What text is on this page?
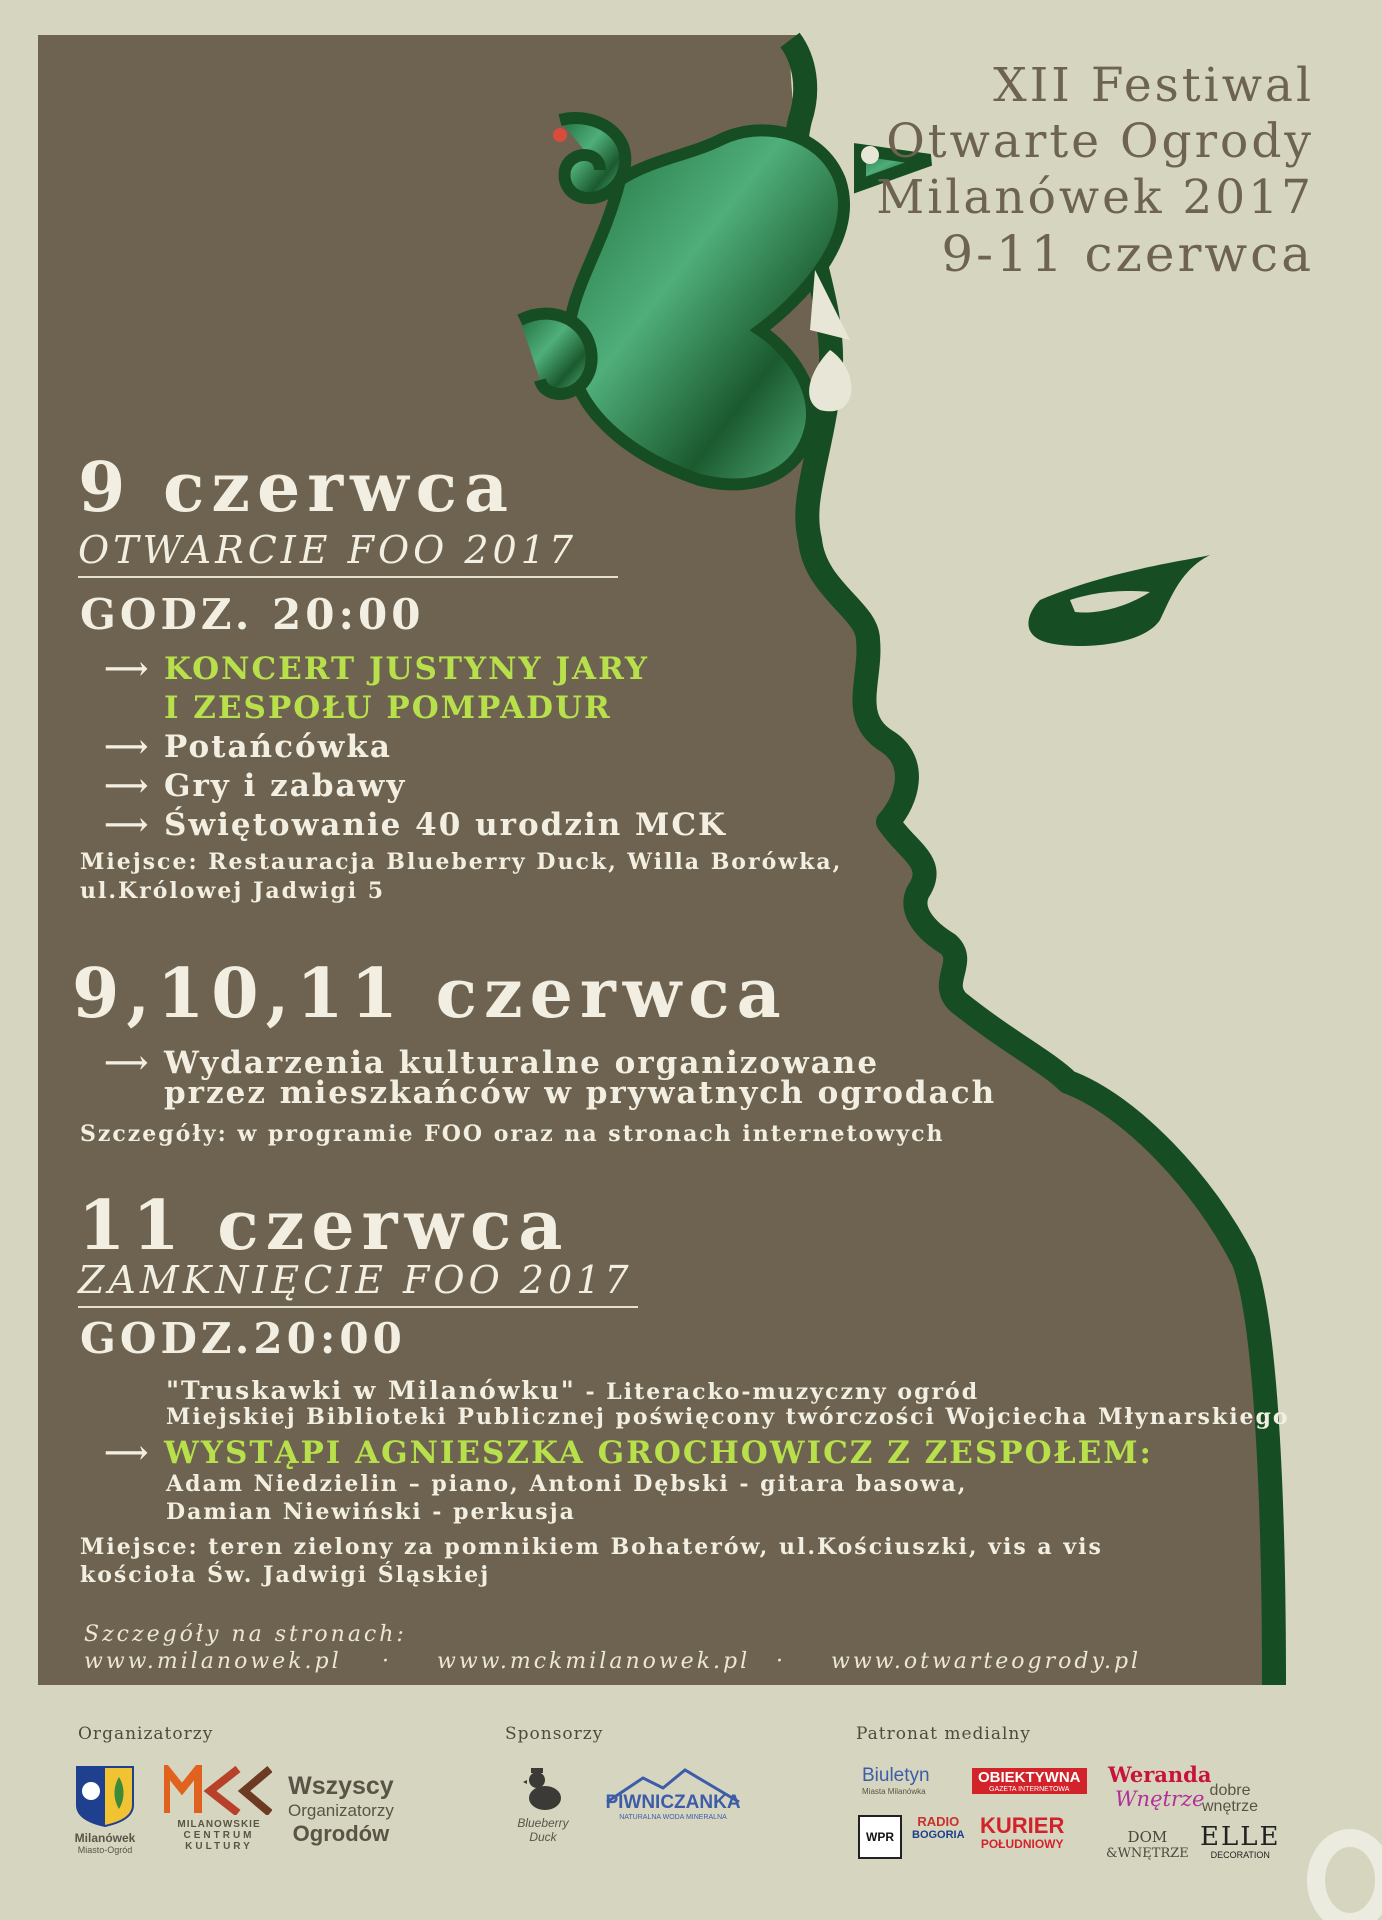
XII Festiwal
Otwarte Ogrody
Milanówek 2017
9-11 czerwca
9 czerwca
OTWARCIE FOO 2017
GODZ. 20:00
⟶ KONCERT JUSTYNY JARY
I ZESPOŁU POMPADUR
⟶ Potańcówka
⟶ Gry i zabawy
⟶ Świętowanie 40 urodzin MCK
Miejsce: Restauracja Blueberry Duck, Willa Borówka,
ul.Królowej Jadwigi 5
9,10,11 czerwca
⟶ Wydarzenia kulturalne organizowane
przez mieszkańców w prywatnych ogrodach
Szczegóły: w programie FOO oraz na stronach internetowych
11 czerwca
ZAMKNIĘCIE FOO 2017
GODZ.20:00
"Truskawki w Milanówku" - Literacko-muzyczny ogród
Miejskiej Biblioteki Publicznej poświęcony twórczości Wojciecha Młynarskiego
⟶ WYSTĄPI AGNIESZKA GROCHOWICZ Z ZESPOŁEM:
Adam Niedzielin – piano, Antoni Dębski - gitara basowa,
Damian Niewiński - perkusja
Miejsce: teren zielony za pomnikiem Bohaterów, ul.Kościuszki, vis a vis
kościoła Św. Jadwigi Śląskiej
Szczegóły na stronach:
www.milanowek.pl · www.mckmilanowek.pl · www.otwarteogrody.pl
Organizatorzy	Sponsorzy	Patronat medialny
Milanówek
Miasto-Ogród
MILANOWSKIE
CENTRUM
KULTURY
Wszyscy
Organizatorzy
Ogrodów	Blueberry
Duck
PIWNICZANKA
NATURALNA WODA MINERALNA
Biuletyn
Miasta Milanówka
OBIEKTYWNA
GAZETA INTERNETOWA
Weranda
Wnętrze dobre
wnętrze
WPR
RADIO
BOGORIA KURIER
POŁUDNIOWY	DOM
&WNĘTRZE
ELLE
DECORATION
